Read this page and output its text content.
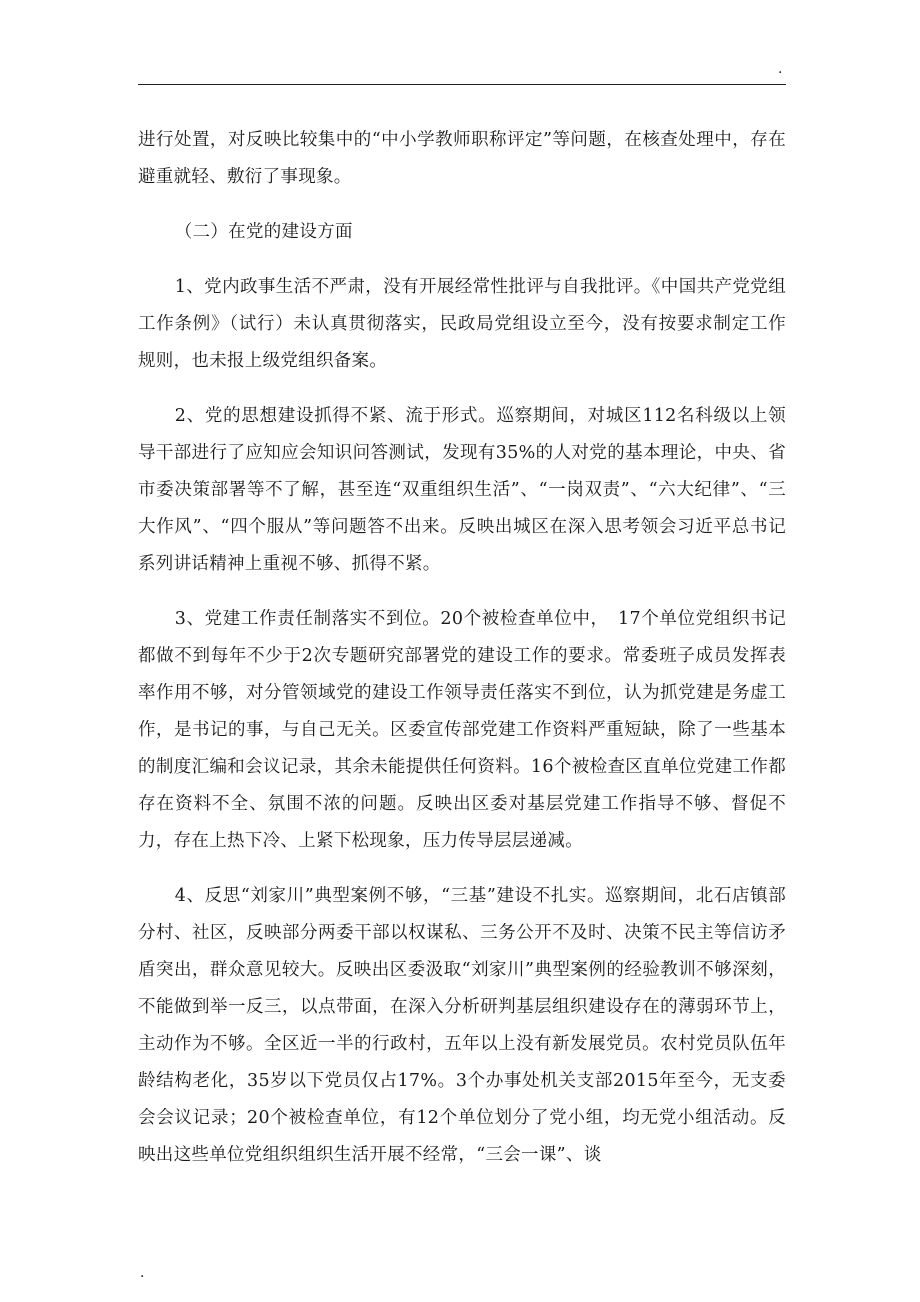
.

进行处置，对反映比较集中的“中小学教师职称评定”等问题，在核查处理中，存在避重就轻、敷衍了事现象。

（二）在党的建设方面

1、党内政事生活不严肃，没有开展经常性批评与自我批评。《中国共产党党组工作条例》（试行）未认真贯彻落实，民政局党组设立至今，没有按要求制定工作规则，也未报上级党组织备案。

2、党的思想建设抓得不紧、流于形式。巡察期间，对城区112名科级以上领导干部进行了应知应会知识问答测试，发现有35%的人对党的基本理论，中央、省市委决策部署等不了解，甚至连“双重组织生活”、“一岗双责”、“六大纪律”、“三大作风”、“四个服从”等问题答不出来。反映出城区在深入思考领会习近平总书记系列讲话精神上重视不够、抓得不紧。

3、党建工作责任制落实不到位。20个被检查单位中，　17个单位党组织书记都做不到每年不少于2次专题研究部署党的建设工作的要求。常委班子成员发挥表率作用不够，对分管领域党的建设工作领导责任落实不到位，认为抓党建是务虚工作，是书记的事，与自己无关。区委宣传部党建工作资料严重短缺，除了一些基本的制度汇编和会议记录，其余未能提供任何资料。16个被检查区直单位党建工作都存在资料不全、氛围不浓的问题。反映出区委对基层党建工作指导不够、督促不力，存在上热下冷、上紧下松现象，压力传导层层递减。

4、反思“刘家川”典型案例不够，“三基”建设不扎实。巡察期间，北石店镇部分村、社区，反映部分两委干部以权谋私、三务公开不及时、决策不民主等信访矛盾突出，群众意见较大。反映出区委汲取“刘家川”典型案例的经验教训不够深刻，不能做到举一反三，以点带面，在深入分析研判基层组织建设存在的薄弱环节上，主动作为不够。全区近一半的行政村，五年以上没有新发展党员。农村党员队伍年龄结构老化，35岁以下党员仅占17%。3个办事处机关支部2015年至今，无支委会会议记录；20个被检查单位，有12个单位划分了党小组，均无党小组活动。反映出这些单位党组织组织生活开展不经常，“三会一课”、谈

.
